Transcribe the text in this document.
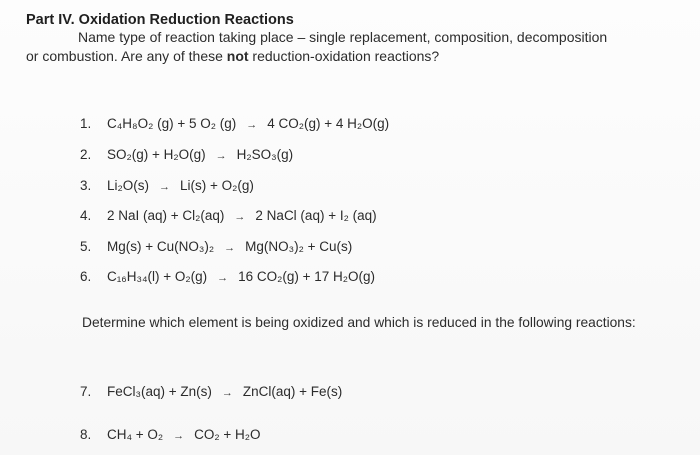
Part IV. Oxidation Reduction Reactions
Name type of reaction taking place – single replacement, composition, decomposition
or combustion. Are any of these not reduction-oxidation reactions?
1. C₄H₈O₂ (g) + 5 O₂ (g) → 4 CO₂(g) + 4 H₂O(g)
2. SO₂(g) + H₂O(g) → H₂SO₃(g)
3. Li₂O(s) → Li(s) + O₂(g)
4. 2 NaI (aq) + Cl₂(aq) → 2 NaCl (aq) + I₂ (aq)
5. Mg(s) + Cu(NO₃)₂ → Mg(NO₃)₂ + Cu(s)
6. C₁₆H₃₄(l) + O₂(g) → 16 CO₂(g) + 17 H₂O(g)
Determine which element is being oxidized and which is reduced in the following reactions:
7. FeCl₃(aq) + Zn(s) → ZnCl(aq) + Fe(s)
8. CH₄ + O₂ → CO₂ + H₂O
